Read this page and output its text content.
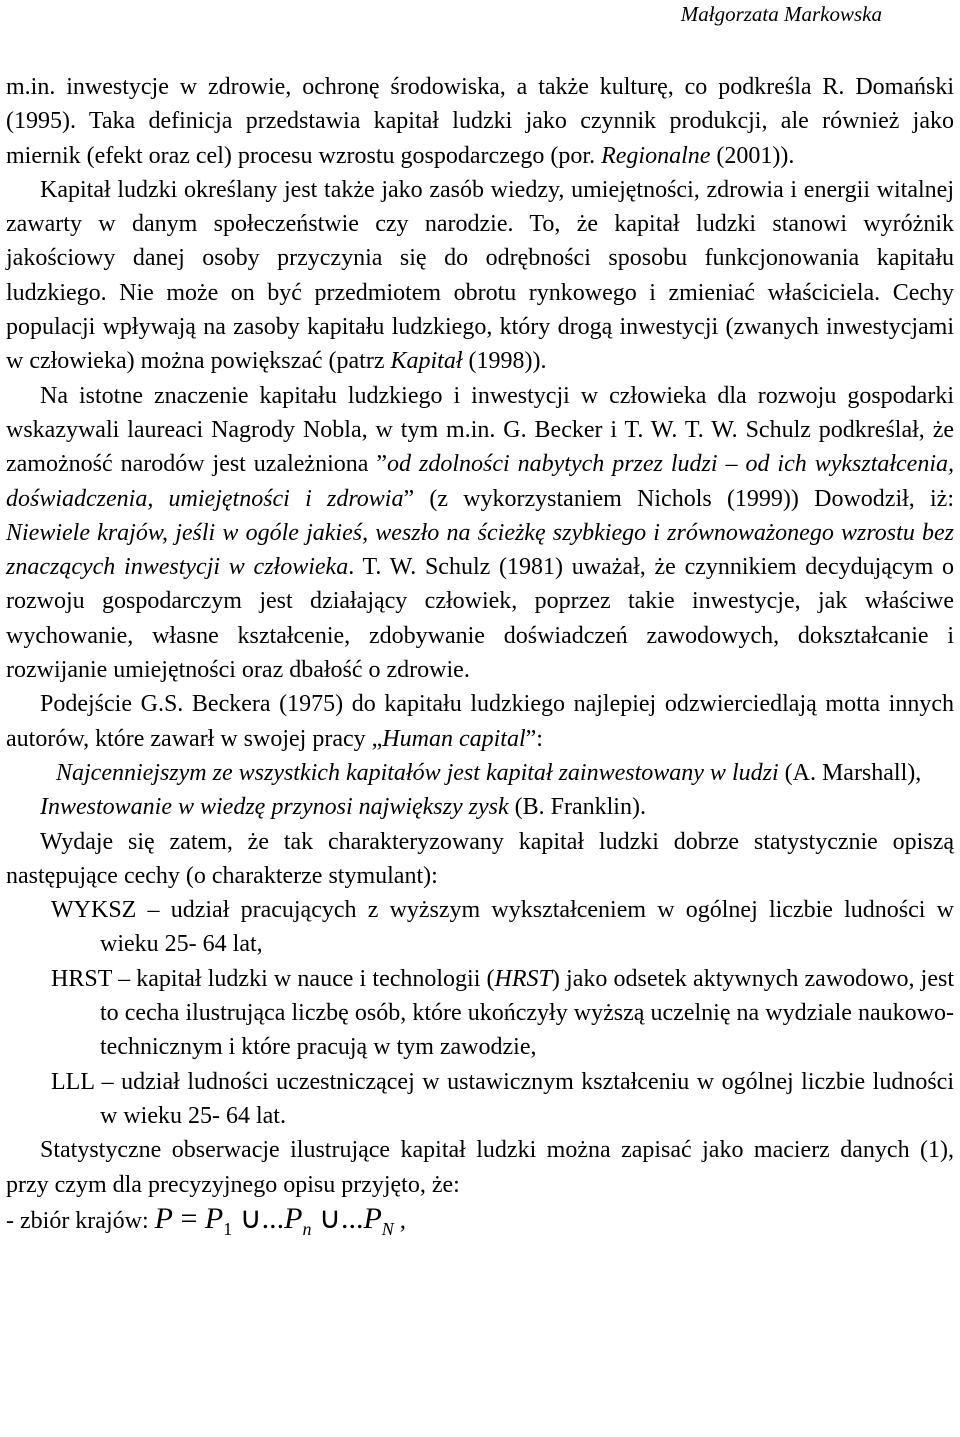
Małgorzata Markowska

m.in. inwestycje w zdrowie, ochronę środowiska, a także kulturę, co podkreśla R. Domański (1995). Taka definicja przedstawia kapitał ludzki jako czynnik produkcji, ale również jako miernik (efekt oraz cel) procesu wzrostu gospodarczego (por. Regionalne (2001)).

Kapitał ludzki określany jest także jako zasób wiedzy, umiejętności, zdrowia i energii witalnej zawarty w danym społeczeństwie czy narodzie. To, że kapitał ludzki stanowi wyróżnik jakościowy danej osoby przyczynia się do odrębności sposobu funkcjonowania kapitału ludzkiego. Nie może on być przedmiotem obrotu rynkowego i zmieniać właściciela. Cechy populacji wpływają na zasoby kapitału ludzkiego, który drogą inwestycji (zwanych inwestycjami w człowieka) można powiększać (patrz Kapitał (1998)).

Na istotne znaczenie kapitału ludzkiego i inwestycji w człowieka dla rozwoju gospodarki wskazywali laureaci Nagrody Nobla, w tym m.in. G. Becker i T. W. T. W. Schulz podkreślał, że zamożność narodów jest uzależniona ”od zdolności nabytych przez ludzi – od ich wykształcenia, doświadczenia, umiejętności i zdrowia” (z wykorzystaniem Nichols (1999)) Dowodził, iż: Niewiele krajów, jeśli w ogóle jakieś, weszło na ścieżkę szybkiego i zrównoważonego wzrostu bez znaczących inwestycji w człowieka. T. W. Schulz (1981) uważał, że czynnikiem decydującym o rozwoju gospodarczym jest działający człowiek, poprzez takie inwestycje, jak właściwe wychowanie, własne kształcenie, zdobywanie doświadczeń zawodowych, dokształcanie i rozwijanie umiejętności oraz dbałość o zdrowie.

Podejście G.S. Beckera (1975) do kapitału ludzkiego najlepiej odzwierciedlają motta innych autorów, które zawarł w swojej pracy „Human capital”:

Najcenniejszym ze wszystkich kapitałów jest kapitał zainwestowany w ludzi (A. Marshall),

Inwestowanie w wiedzę przynosi największy zysk (B. Franklin).

Wydaje się zatem, że tak charakteryzowany kapitał ludzki dobrze statystycznie opiszą następujące cechy (o charakterze stymulant):

WYKSZ – udział pracujących z wyższym wykształceniem w ogólnej liczbie ludności w wieku 25- 64 lat,

HRST – kapitał ludzki w nauce i technologii (HRST) jako odsetek aktywnych zawodowo, jest to cecha ilustrująca liczbę osób, które ukończyły wyższą uczelnię na wydziale naukowo-technicznym i które pracują w tym zawodzie,

LLL – udział ludności uczestniczącej w ustawicznym kształceniu w ogólnej liczbie ludności w wieku 25- 64 lat.

Statystyczne obserwacje ilustrujące kapitał ludzki można zapisać jako macierz danych (1), przy czym dla precyzyjnego opisu przyjęto, że:

- zbiór krajów: $P = P_1$ $\cup...P_n$ $\cup...P_N$ ,
